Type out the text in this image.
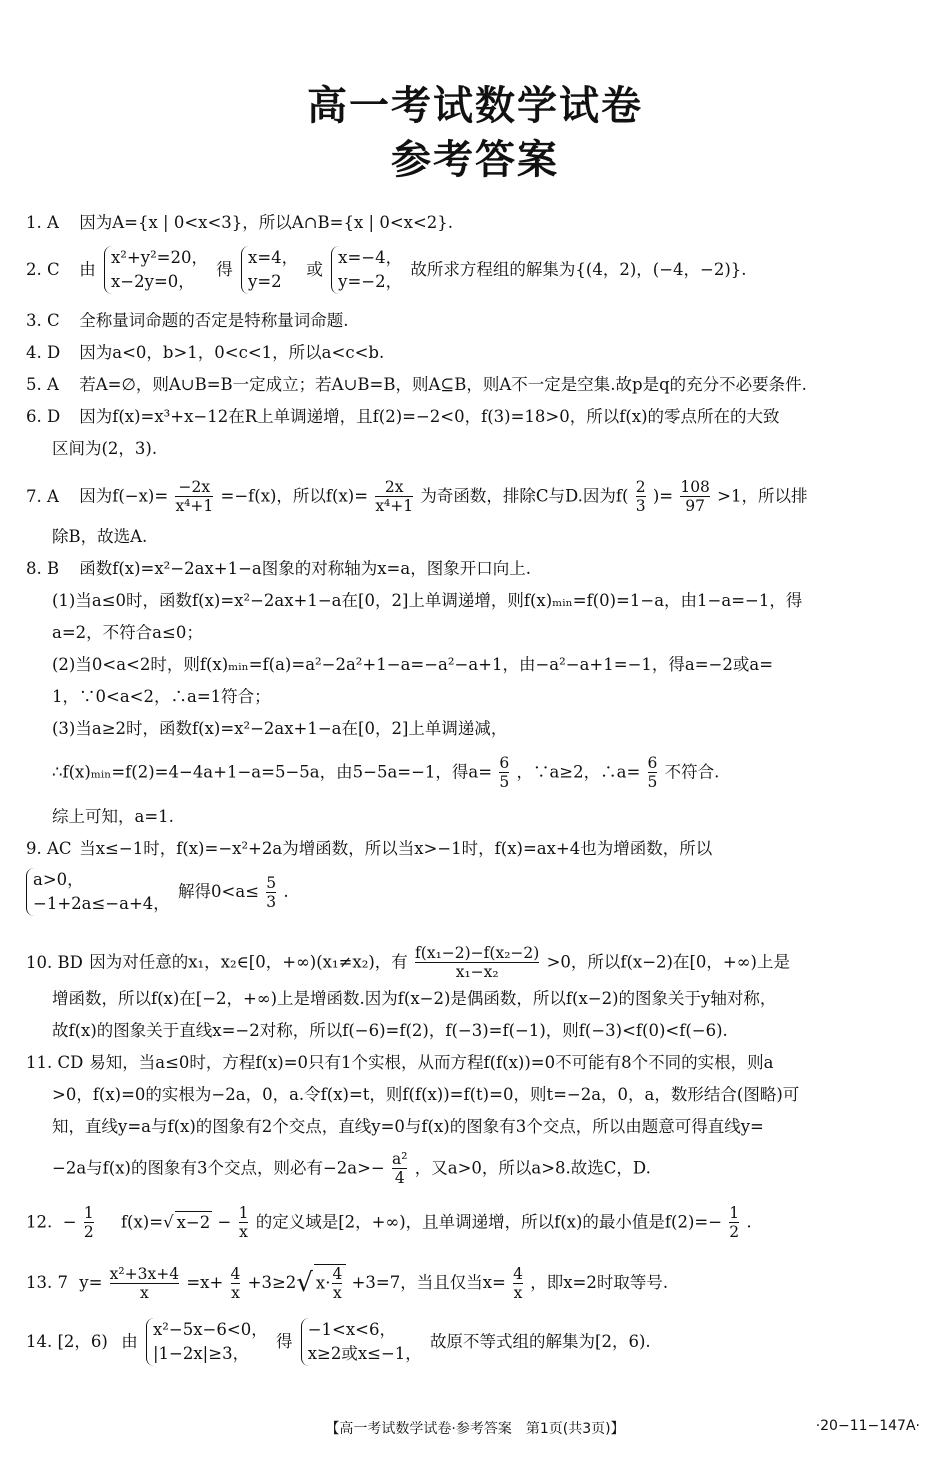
高一考试数学试卷
参考答案
1. A 因为A={x | 0<x<3}，所以A∩B={x | 0<x<2}.
2. C 由
x²+y²=20，
x−2y=0，
得
x=4，
y=2
或
x=−4，
y=−2，
故所求方程组的解集为{(4，2)，(−4，−2)}.
3. C 全称量词命题的否定是特称量词命题.
4. D 因为a<0，b>1，0<c<1，所以a<c<b.
5. A 若A=∅，则A∪B=B一定成立；若A∪B=B，则A⊆B，则A不一定是空集.故p是q的充分不必要条件.
6. D 因为f(x)=x³+x−12在R上单调递增，且f(2)=−2<0，f(3)=18>0，所以f(x)的零点所在的大致
区间为(2，3).
7. A 因为$f(-x)= \frac{-2x}{\text{x⁴+1}} =-f(x)$，所以$f(x)= \frac{2x}{\text{x⁴+1}}$ 为奇函数，排除C与D.因为$f( \frac{2}{3}$ )= $\frac{108}{97} >1$，所以排
除B，故选A.
8. B 函数f(x)=x²−2ax+1−a图象的对称轴为x=a，图象开口向上.
(1)当a≤0时，函数f(x)=x²−2ax+1−a在[0，2]上单调递增，则f(x)ₘᵢₙ=f(0)=1−a，由1−a=−1，得
a=2，不符合a≤0；
(2)当0<a<2时，则f(x)ₘᵢₙ=f(a)=a²−2a²+1−a=−a²−a+1，由−a²−a+1=−1，得a=−2或a=
1，∵0<a<2，∴a=1符合；
(3)当a≥2时，函数f(x)=x²−2ax+1−a在[0，2]上单调递减，
∴f(x)ₘᵢₙ=f(2)=4−4a+1−a=5−5a，由5−5a=−1，得$a= \frac{6}{5}$ ，∵a≥2，∴a= $\frac{6}{5}$ 不符合.
综上可知，a=1.
9. AC 当x≤−1时，f(x)=−x²+2a为增函数，所以当x>−1时，f(x)=ax+4也为增函数，所以
a>0，
−1+2a≤−a+4，
解得$0<a\le \frac{5}{3}$ .
10. BD 因为对任意的x₁，x₂∈[0，+∞)(x₁≠x₂)，有 $\frac{\text{f(x₁−2)−f(x₂−2)}}{\text{x₁−x₂}} >0$，所以f(x−2)在[0，+∞)上是
增函数，所以f(x)在[−2，+∞)上是增函数.因为f(x−2)是偶函数，所以f(x−2)的图象关于y轴对称，
故f(x)的图象关于直线x=−2对称，所以f(−6)=f(2)，f(−3)=f(−1)，则f(−3)<f(0)<f(−6).
11. CD 易知，当a≤0时，方程f(x)=0只有1个实根，从而方程f(f(x))=0不可能有8个不同的实根，则a
>0，f(x)=0的实根为−2a，0，a.令f(x)=t，则f(f(x))=f(t)=0，则t=−2a，0，a，数形结合(图略)可
知，直线y=a与f(x)的图象有2个交点，直线y=0与f(x)的图象有3个交点，所以由题意可得直线y=
−2a与f(x)的图象有3个交点，则必有$-2a>- \frac{\text{a²}}{4}$ ，又a>0，所以a>8.故选C，D.
12.  − $\frac{1}{2} f(x)=√$ $x-2 - \frac{1}{x}$ 的定义域是[2，+∞)，且单调递增，所以f(x)的最小值是$f(2)=- \frac{1}{2}$ .
13. 7 $y= \frac{\text{x²+3x+4}}{x} =x+ \frac{4}{x} +3\ge 2√$ $x\cdot \frac{4}{x} +3=7$，当且仅当$x= \frac{4}{x}$ ，即x=2时取等号.
14. [2，6) 由
x²−5x−6<0，
|1−2x|≥3，
得
−1<x<6，
x≥2或x≤−1，
故原不等式组的解集为[2，6).
【高一考试数学试卷·参考答案　第1页(共3页)】	·20−11−147A·
